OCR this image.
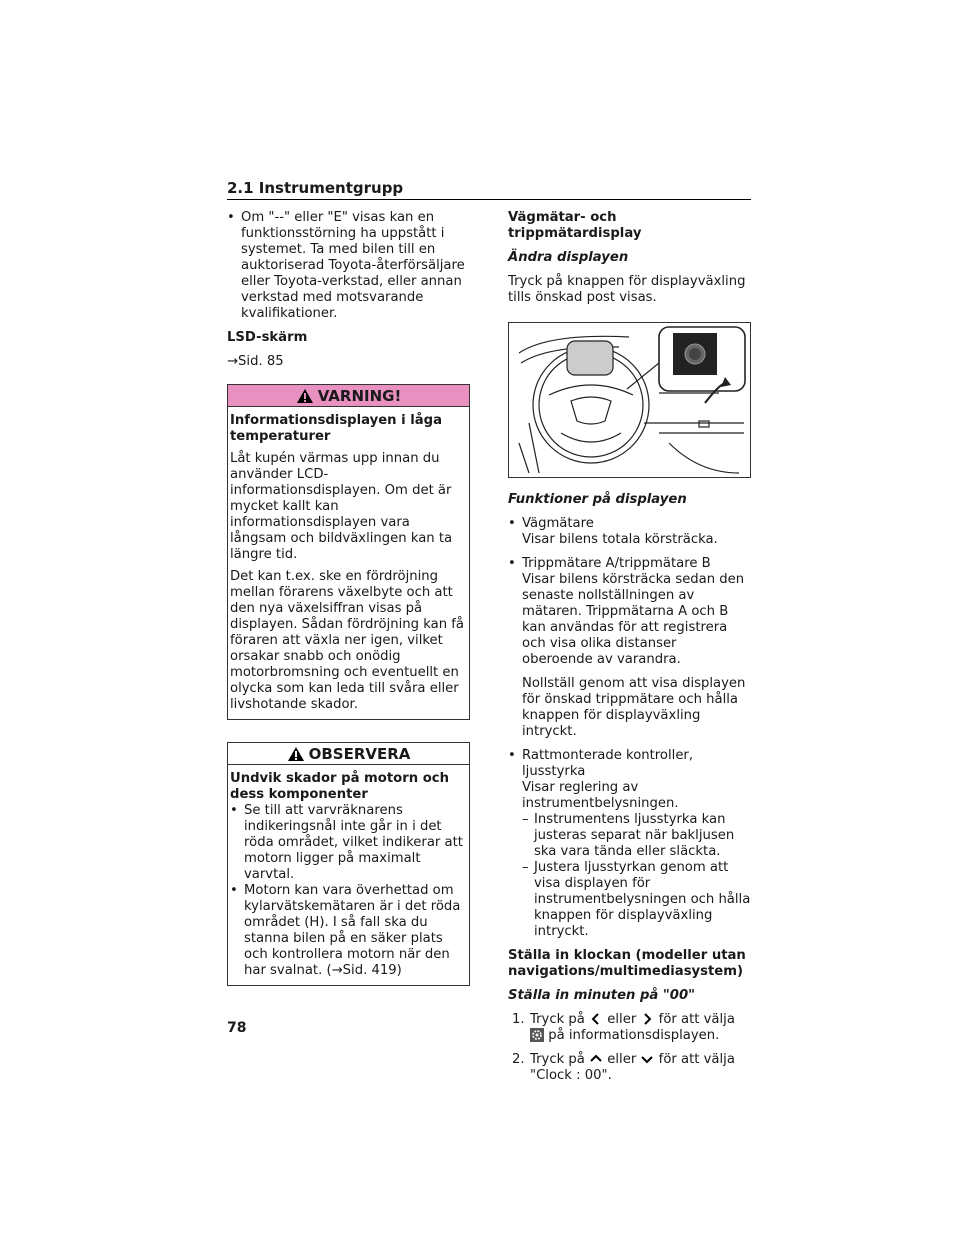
2.1 Instrumentgrupp
• Om "--" eller "E" visas kan en funktionsstörning ha uppstått i systemet. Ta med bilen till en auktoriserad Toyota-återförsäljare eller Toyota-verkstad, eller annan verkstad med motsvarande kvalifikationer.
LSD-skärm
→Sid. 85
VARNING!
Informationsdisplayen i låga temperaturer
Låt kupén värmas upp innan du använder LCD-informationsdisplayen. Om det är mycket kallt kan informationsdisplayen vara långsam och bildväxlingen kan ta längre tid.
Det kan t.ex. ske en fördröjning mellan förarens växelbyte och att den nya växelsiffran visas på displayen. Sådan fördröjning kan få föraren att växla ner igen, vilket orsakar snabb och onödig motorbromsning och eventuellt en olycka som kan leda till svåra eller livshotande skador.
OBSERVERA
Undvik skador på motorn och dess komponenter
• Se till att varvräknarens indikeringsnål inte går in i det röda området, vilket indikerar att motorn ligger på maximalt varvtal.
• Motorn kan vara överhettad om kylarvätskemätaren är i det röda området (H). I så fall ska du stanna bilen på en säker plats och kontrollera motorn när den har svalnat. (→Sid. 419)
Vägmätar- och trippmätardisplay
Ändra displayen
Tryck på knappen för displayväxling tills önskad post visas.
Funktioner på displayen
• Vägmätare
Visar bilens totala körsträcka.
• Trippmätare A/trippmätare B
Visar bilens körsträcka sedan den senaste nollställningen av mätaren. Trippmätarna A och B kan användas för att registrera och visa olika distanser oberoende av varandra.
Nollställ genom att visa displayen för önskad trippmätare och hålla knappen för displayväxling intryckt.
• Rattmonterade kontroller, ljusstyrka
Visar reglering av instrumentbelysningen.
– Instrumentens ljusstyrka kan justeras separat när bakljusen ska vara tända eller släckta.
– Justera ljusstyrkan genom att visa displayen för instrumentbelysningen och hålla knappen för displayväxling intryckt.
Ställa in klockan (modeller utan navigations/multimediasystem)
Ställa in minuten på "00"
1. Tryck på eller för att välja  på informationsdisplayen.
2. Tryck på eller för att välja "Clock : 00".
78
